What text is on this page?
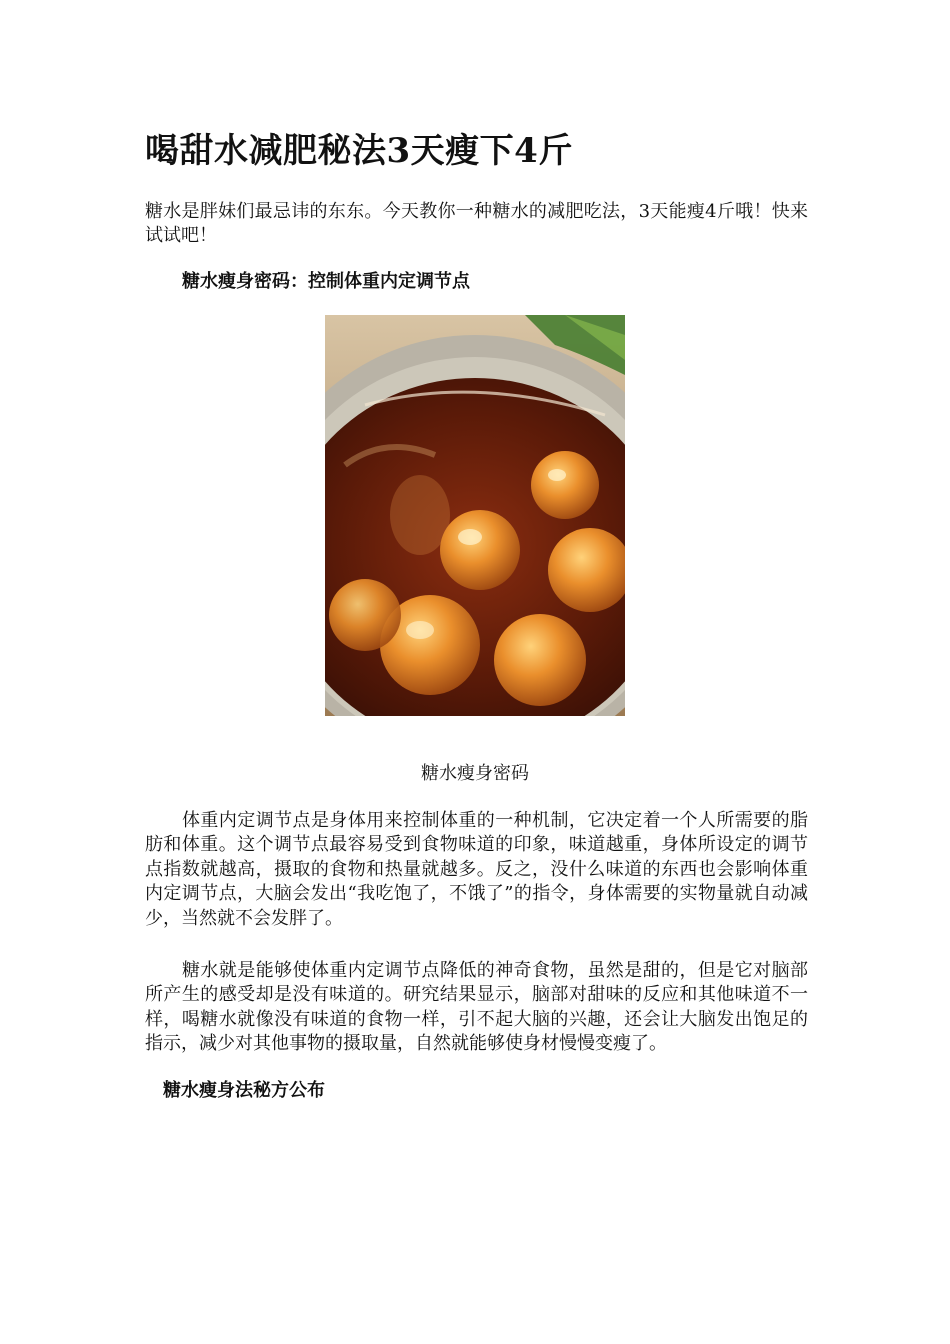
喝甜水减肥秘法3天瘦下4斤

糖水是胖妹们最忌讳的东东。今天教你一种糖水的减肥吃法，3天能瘦4斤哦！快来试试吧！

糖水瘦身密码：控制体重内定调节点

糖水瘦身密码

体重内定调节点是身体用来控制体重的一种机制，它决定着一个人所需要的脂肪和体重。这个调节点最容易受到食物味道的印象，味道越重，身体所设定的调节点指数就越高，摄取的食物和热量就越多。反之，没什么味道的东西也会影响体重内定调节点，大脑会发出“我吃饱了，不饿了”的指令，身体需要的实物量就自动减少，当然就不会发胖了。

糖水就是能够使体重内定调节点降低的神奇食物，虽然是甜的，但是它对脑部所产生的感受却是没有味道的。研究结果显示，脑部对甜味的反应和其他味道不一样，喝糖水就像没有味道的食物一样，引不起大脑的兴趣，还会让大脑发出饱足的指示，减少对其他事物的摄取量，自然就能够使身材慢慢变瘦了。

糖水瘦身法秘方公布
